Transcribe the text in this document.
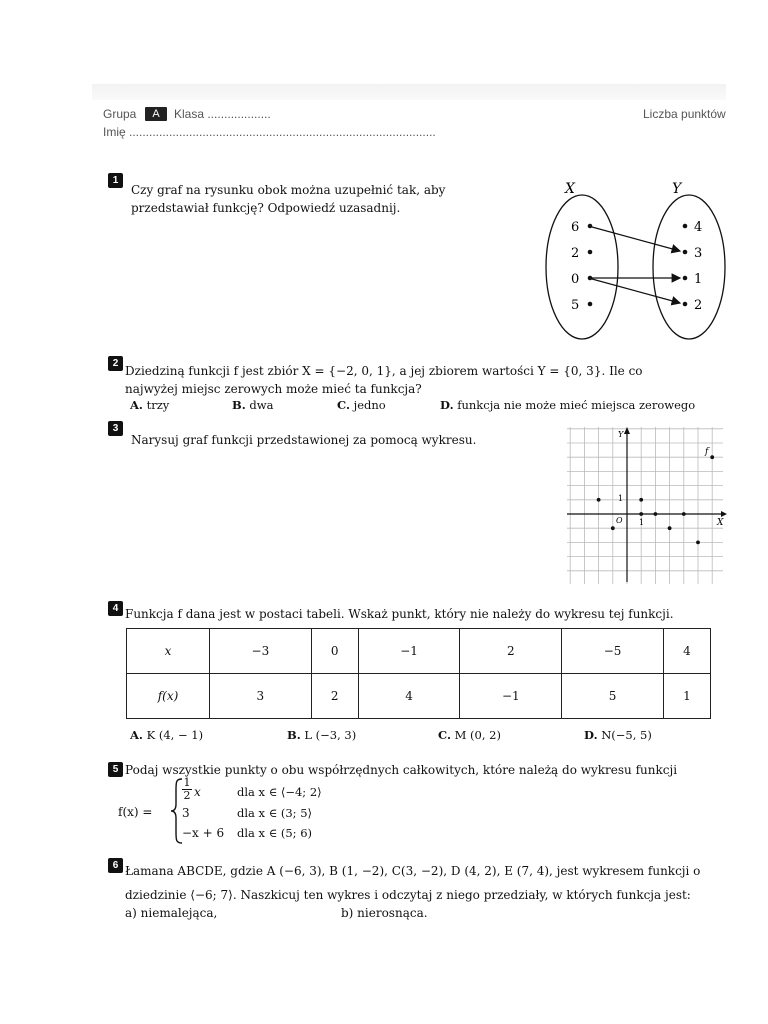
Grupa	A	Klasa ...................	Liczba punktów
Imię ............................................................................................
1
Czy graf na rysunku obok można uzupełnić tak, aby przedstawiał funkcję? Odpowiedź uzasadnij.
X	Y
6
2
0
5
4
3
1
2
2
Dziedziną funkcji f jest zbiór X = {−2, 0, 1}, a jej zbiorem wartości Y = {0, 3}. Ile co
najwyżej miejsc zerowych może mieć ta funkcja?
A. trzy	B. dwa	C. jedno	D. funkcja nie może mieć miejsca zerowego
3
Narysuj graf funkcji przedstawionej za pomocą wykresu.	Y
X
O 1
1
f
4 Funkcja f dana jest w postaci tabeli. Wskaż punkt, który nie należy do wykresu tej funkcji.
x	−3	0	−1	2	−5	4
f(x)	3	2	4	−1	5	1
A. K (4, − 1)	B. L (−3, 3)	C. M (0, 2)	D. N(−5, 5)
5 Podaj wszystkie punkty o obu współrzędnych całkowitych, które należą do wykresu funkcji
f(x) =
1
2 x	dla x ∈ ⟨−4; 2⟩
3	dla x ∈ (3; 5⟩
−x + 6 dla x ∈ (5; 6)
6 Łamana ABCDE, gdzie A (−6, 3), B (1, −2), C(3, −2), D (4, 2), E (7, 4), jest wykresem funkcji o
dziedzinie ⟨−6; 7⟩. Naszkicuj ten wykres i odczytaj z niego przedziały, w których funkcja jest:
a) niemalejąca,	b) nierosnąca.
